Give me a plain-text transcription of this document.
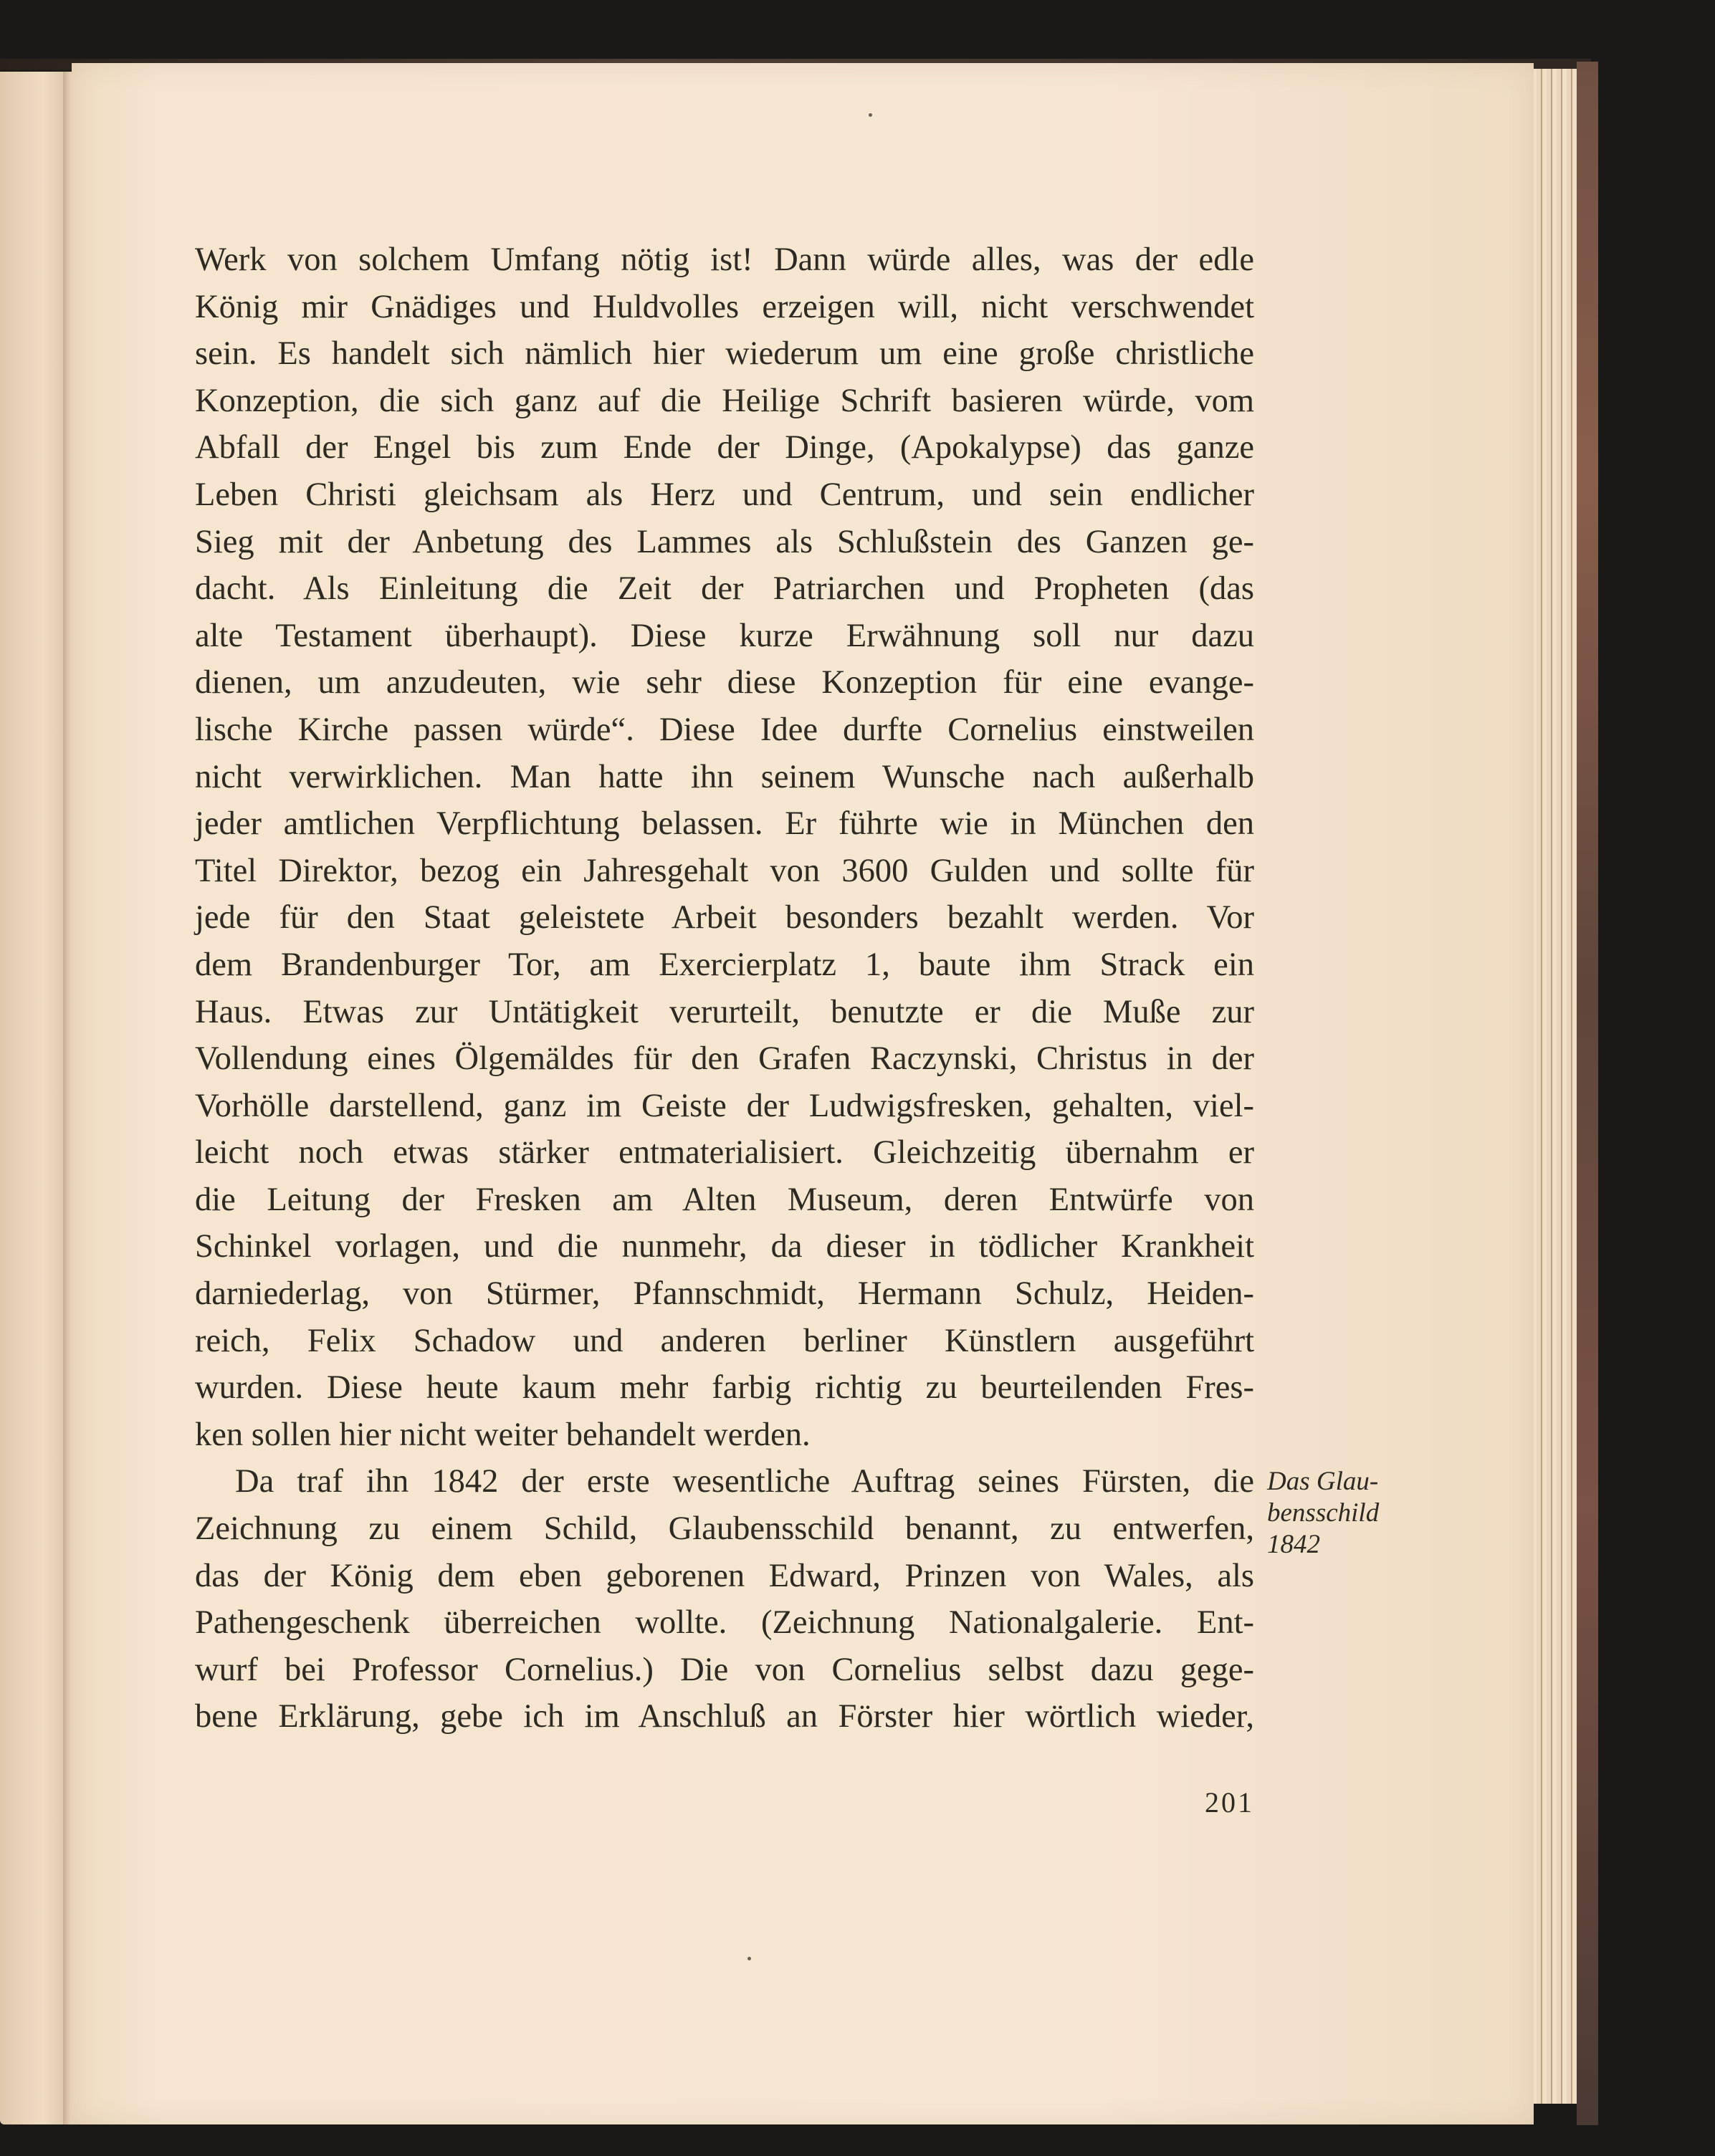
Werk von solchem Umfang nötig ist! Dann würde alles, was der edle
König mir Gnädiges und Huldvolles erzeigen will, nicht verschwendet
sein. Es handelt sich nämlich hier wiederum um eine große christliche
Konzeption, die sich ganz auf die Heilige Schrift basieren würde, vom
Abfall der Engel bis zum Ende der Dinge, (Apokalypse) das ganze
Leben Christi gleichsam als Herz und Centrum, und sein endlicher
Sieg mit der Anbetung des Lammes als Schlußstein des Ganzen ge-
dacht. Als Einleitung die Zeit der Patriarchen und Propheten (das
alte Testament überhaupt). Diese kurze Erwähnung soll nur dazu
dienen, um anzudeuten, wie sehr diese Konzeption für eine evange-
lische Kirche passen würde“. Diese Idee durfte Cornelius einstweilen
nicht verwirklichen. Man hatte ihn seinem Wunsche nach außerhalb
jeder amtlichen Verpflichtung belassen. Er führte wie in München den
Titel Direktor, bezog ein Jahresgehalt von 3600 Gulden und sollte für
jede für den Staat geleistete Arbeit besonders bezahlt werden. Vor
dem Brandenburger Tor, am Exercierplatz 1, baute ihm Strack ein
Haus. Etwas zur Untätigkeit verurteilt, benutzte er die Muße zur
Vollendung eines Ölgemäldes für den Grafen Raczynski, Christus in der
Vorhölle darstellend, ganz im Geiste der Ludwigsfresken, gehalten, viel-
leicht noch etwas stärker entmaterialisiert. Gleichzeitig übernahm er
die Leitung der Fresken am Alten Museum, deren Entwürfe von
Schinkel vorlagen, und die nunmehr, da dieser in tödlicher Krankheit
darniederlag, von Stürmer, Pfannschmidt, Hermann Schulz, Heiden-
reich, Felix Schadow und anderen berliner Künstlern ausgeführt
wurden. Diese heute kaum mehr farbig richtig zu beurteilenden Fres-
ken sollen hier nicht weiter behandelt werden.
Da traf ihn 1842 der erste wesentliche Auftrag seines Fürsten, die
Zeichnung zu einem Schild, Glaubensschild benannt, zu entwerfen,
das der König dem eben geborenen Edward, Prinzen von Wales, als
Pathengeschenk überreichen wollte. (Zeichnung Nationalgalerie. Ent-
wurf bei Professor Cornelius.) Die von Cornelius selbst dazu gege-
bene Erklärung, gebe ich im Anschluß an Förster hier wörtlich wieder,
Das Glau-
bensschild
1842
201
